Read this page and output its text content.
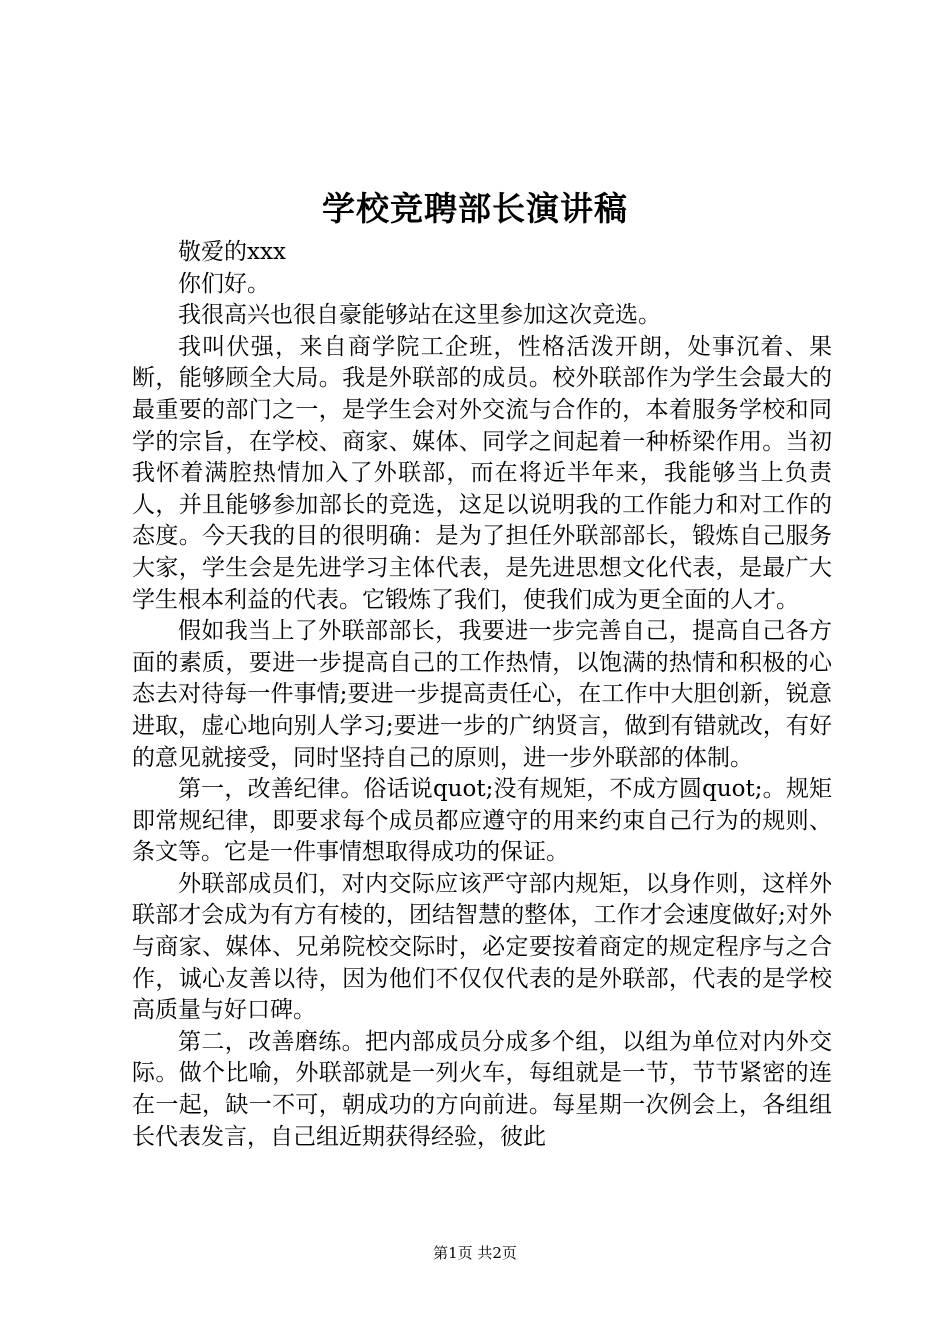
学校竞聘部长演讲稿

敬爱的xxx

你们好。

我很高兴也很自豪能够站在这里参加这次竞选。

我叫伏强，来自商学院工企班，性格活泼开朗，处事沉着、果断，能够顾全大局。我是外联部的成员。校外联部作为学生会最大的最重要的部门之一，是学生会对外交流与合作的，本着服务学校和同学的宗旨，在学校、商家、媒体、同学之间起着一种桥梁作用。当初我怀着满腔热情加入了外联部，而在将近半年来，我能够当上负责人，并且能够参加部长的竞选，这足以说明我的工作能力和对工作的态度。今天我的目的很明确：是为了担任外联部部长，锻炼自己服务大家，学生会是先进学习主体代表，是先进思想文化代表，是最广大学生根本利益的代表。它锻炼了我们，使我们成为更全面的人才。

假如我当上了外联部部长，我要进一步完善自己，提高自己各方面的素质，要进一步提高自己的工作热情，以饱满的热情和积极的心态去对待每一件事情;要进一步提高责任心，在工作中大胆创新，锐意进取，虚心地向别人学习;要进一步的广纳贤言，做到有错就改，有好的意见就接受，同时坚持自己的原则，进一步外联部的体制。

第一，改善纪律。俗话说quot;没有规矩，不成方圆quot;。规矩即常规纪律，即要求每个成员都应遵守的用来约束自己行为的规则、条文等。它是一件事情想取得成功的保证。

外联部成员们，对内交际应该严守部内规矩，以身作则，这样外联部才会成为有方有棱的，团结智慧的整体，工作才会速度做好;对外与商家、媒体、兄弟院校交际时，必定要按着商定的规定程序与之合作，诚心友善以待，因为他们不仅仅代表的是外联部，代表的是学校高质量与好口碑。

第二，改善磨练。把内部成员分成多个组，以组为单位对内外交际。做个比喻，外联部就是一列火车，每组就是一节，节节紧密的连在一起，缺一不可，朝成功的方向前进。每星期一次例会上，各组组长代表发言，自己组近期获得经验，彼此

第1页 共2页
